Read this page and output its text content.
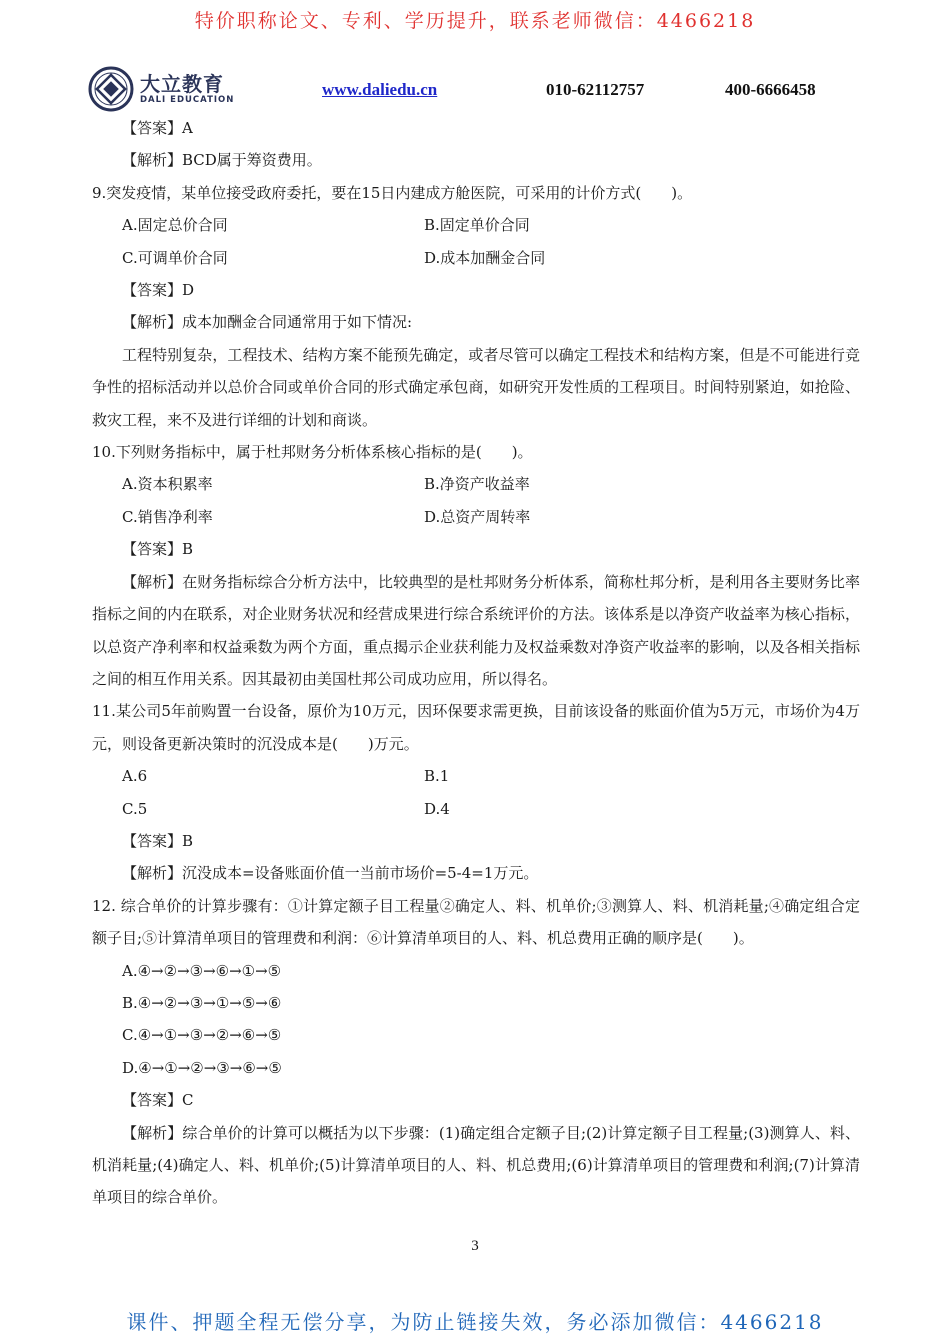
特价职称论文、专利、学历提升，联系老师微信：4466218
大立教育
DALI EDUCATION
www.daliedu.cn	010-62112757	400-6666458
【答案】A
【解析】BCD属于筹资费用。
9.突发疫情，某单位接受政府委托，要在15日内建成方舱医院，可采用的计价方式(　　)。
A.固定总价合同	B.固定单价合同
C.可调单价合同	D.成本加酬金合同
【答案】D
【解析】成本加酬金合同通常用于如下情况:
工程特别复杂，工程技术、结构方案不能预先确定，或者尽管可以确定工程技术和结构方案，但是不可能进行竞争性的招标活动并以总价合同或单价合同的形式确定承包商，如研究开发性质的工程项目。时间特别紧迫，如抢险、救灾工程，来不及进行详细的计划和商谈。
10.下列财务指标中，属于杜邦财务分析体系核心指标的是(　　)。
A.资本积累率	B.净资产收益率
C.销售净利率	D.总资产周转率
【答案】B
【解析】在财务指标综合分析方法中，比较典型的是杜邦财务分析体系，简称杜邦分析，是利用各主要财务比率指标之间的内在联系，对企业财务状况和经营成果进行综合系统评价的方法。该体系是以净资产收益率为核心指标，以总资产净利率和权益乘数为两个方面，重点揭示企业获利能力及权益乘数对净资产收益率的影响，以及各相关指标之间的相互作用关系。因其最初由美国杜邦公司成功应用，所以得名。
11.某公司5年前购置一台设备，原价为10万元，因环保要求需更换，目前该设备的账面价值为5万元，市场价为4万元，则设备更新决策时的沉没成本是(　　)万元。
A.6	B.1
C.5	D.4
【答案】B
【解析】沉没成本=设备账面价值一当前市场价=5-4=1万元。
12. 综合单价的计算步骤有：①计算定额子目工程量②确定人、料、机单价;③测算人、料、机消耗量;④确定组合定额子目;⑤计算清单项目的管理费和利润：⑥计算清单项目的人、料、机总费用正确的顺序是(　　)。
A.④→②→③→⑥→①→⑤
B.④→②→③→①→⑤→⑥
C.④→①→③→②→⑥→⑤
D.④→①→②→③→⑥→⑤
【答案】C
【解析】综合单价的计算可以概括为以下步骤：(1)确定组合定额子目;(2)计算定额子目工程量;(3)测算人、料、机消耗量;(4)确定人、料、机单价;(5)计算清单项目的人、料、机总费用;(6)计算清单项目的管理费和利润;(7)计算清单项目的综合单价。
3
课件、押题全程无偿分享，为防止链接失效，务必添加微信：4466218
